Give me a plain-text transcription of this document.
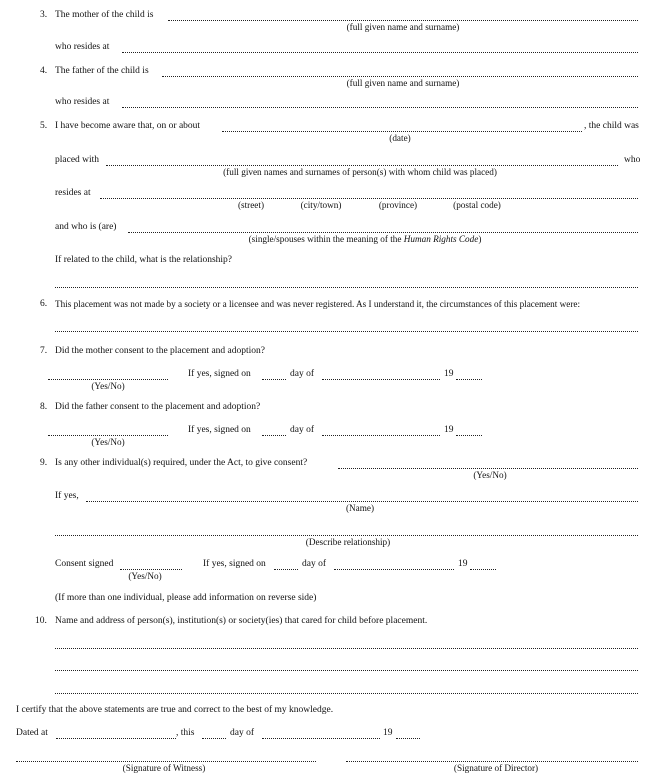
3. The mother of the child is
(full given name and surname)
who resides at
4. The father of the child is
(full given name and surname)
who resides at
5. I have become aware that, on or about	, the child was
(date)
placed with	who
(full given names and surnames of person(s) with whom child was placed)
resides at
(street)	(city/town)	(province)	(postal code)
and who is (are)
(single/spouses within the meaning of the Human Rights Code)
If related to the child, what is the relationship?
6. This placement was not made by a society or a licensee and was never registered. As I understand it, the circumstances of this placement were:
7. Did the mother consent to the placement and adoption?
(Yes/No)
If yes, signed on	day of	19
8. Did the father consent to the placement and adoption?
(Yes/No)
If yes, signed on	day of	19
9. Is any other individual(s) required, under the Act, to give consent?
(Yes/No)
If yes,
(Name)
(Describe relationship)
Consent signed
(Yes/No)
If yes, signed on	day of	19
(If more than one individual, please add information on reverse side)
10. Name and address of person(s), institution(s) or society(ies) that cared for child before placement.
I certify that the above statements are true and correct to the best of my knowledge.
Dated at	, this	day of	19
(Signature of Witness)	(Signature of Director)
